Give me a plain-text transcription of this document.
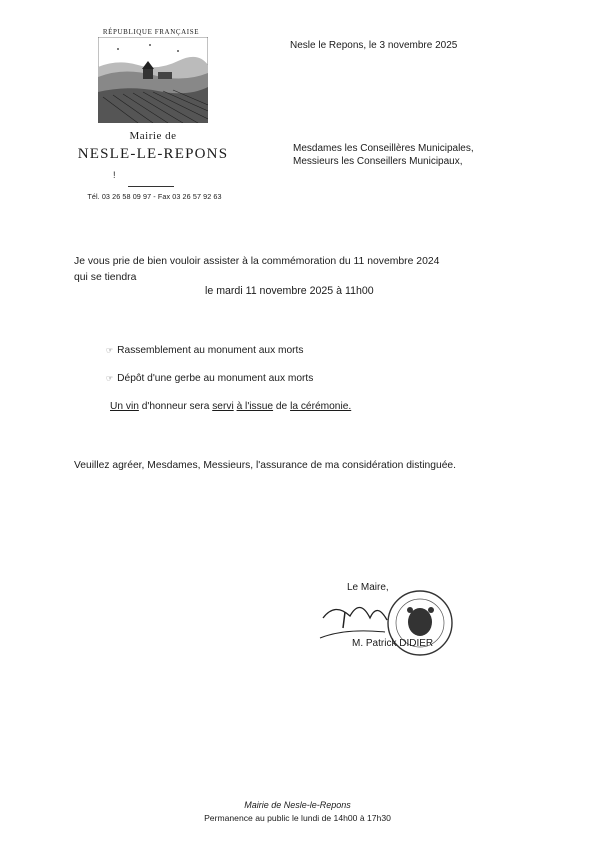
RÉPUBLIQUE FRANÇAISE
Mairie de
NESLE-LE-REPONS
!
Tél. 03 26 58 09 97 - Fax 03 26 57 92 63
Nesle le Repons, le 3 novembre 2025
Mesdames les Conseillères Municipales,
Messieurs les Conseillers Municipaux,
Je vous prie de bien vouloir assister à la commémoration du 11 novembre 2024
qui se tiendra
le mardi 11 novembre 2025 à 11h00
☞ Rassemblement au monument aux morts
☞ Dépôt d'une gerbe au monument aux morts
Un vin d'honneur sera servi à l'issue de la cérémonie.
Veuillez agréer, Mesdames, Messieurs, l'assurance de ma considération distinguée.
Le Maire,
M. Patrick DIDIER
Mairie de Nesle-le-Repons
Permanence au public le lundi de 14h00 à 17h30
